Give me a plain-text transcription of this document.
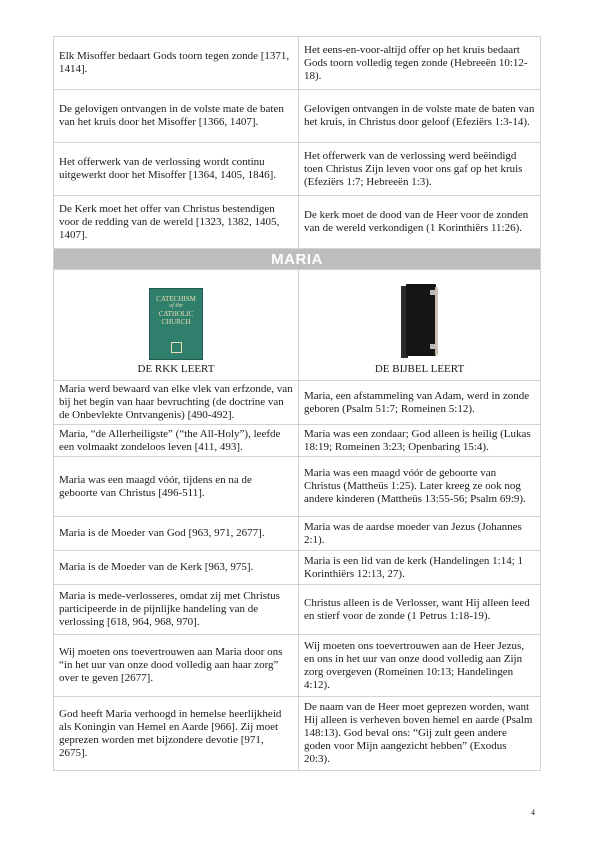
Elk Misoffer bedaart Gods toorn tegen zonde [1371, 1414].	Het eens-en-voor-altijd offer op het kruis bedaart Gods toorn volledig tegen zonde (Hebreeën 10:12-18).
De gelovigen ontvangen in de volste mate de baten van het kruis door het Misoffer [1366, 1407].	Gelovigen ontvangen in de volste mate de baten van het kruis, in Christus door geloof (Efeziërs 1:3-14).
Het offerwerk van de verlossing wordt continu uitgewerkt door het Misoffer [1364, 1405, 1846].	Het offerwerk van de verlossing werd beëindigd toen Christus Zijn leven voor ons gaf op het kruis (Efeziërs 1:7; Hebreeën 1:3).
De Kerk moet het offer van Christus bestendigen voor de redding van de wereld [1323, 1382, 1405, 1407].	De kerk moet de dood van de Heer voor de zonden van de wereld verkondigen (1 Korinthiërs 11:26).
MARIA	

CATECHISM
of the
CATHOLIC
CHURCH
DE RKK LEERT	DE BIJBEL LEERT

Maria werd bewaard van elke vlek van erfzonde, van bij het begin van haar bevruchting (de doctrine van de Onbevlekte Ontvangenis) [490-492].	Maria, een afstammeling van Adam, werd in zonde geboren (Psalm 51:7; Romeinen 5:12).
Maria, “de Allerheiligste” (“the All-Holy”), leefde een volmaakt zondeloos leven [411, 493].	Maria was een zondaar; God alleen is heilig (Lukas 18:19; Romeinen 3:23; Openbaring 15:4).
Maria was een maagd vóór, tijdens en na de geboorte van Christus [496-511].	Maria was een maagd vóór de geboorte van Christus (Mattheüs 1:25). Later kreeg ze ook nog andere kinderen (Mattheüs 13:55-56; Psalm 69:9).
Maria is de Moeder van God [963, 971, 2677].	Maria was de aardse moeder van Jezus (Johannes 2:1).
Maria is de Moeder van de Kerk [963, 975].	Maria is een lid van de kerk (Handelingen 1:14; 1 Korinthiërs 12:13, 27).
Maria is mede-verlosseres, omdat zij met Christus participeerde in de pijnlijke handeling van de verlossing [618, 964, 968, 970].	Christus alleen is de Verlosser, want Hij alleen leed en stierf voor de zonde (1 Petrus 1:18-19).
Wij moeten ons toevertrouwen aan Maria door ons “in het uur van onze dood volledig aan haar zorg” over te geven [2677].	Wij moeten ons toevertrouwen aan de Heer Jezus, en ons in het uur van onze dood volledig aan Zijn zorg overgeven (Romeinen 10:13; Handelingen 4:12).
God heeft Maria verhoogd in hemelse heerlijkheid als Koningin van Hemel en Aarde [966]. Zij moet geprezen worden met bijzondere devotie [971, 2675].	De naam van de Heer moet geprezen worden, want Hij alleen is verheven boven hemel en aarde (Psalm 148:13). God beval ons: “Gij zult geen andere goden voor Mijn aangezicht hebben” (Exodus 20:3).
4
